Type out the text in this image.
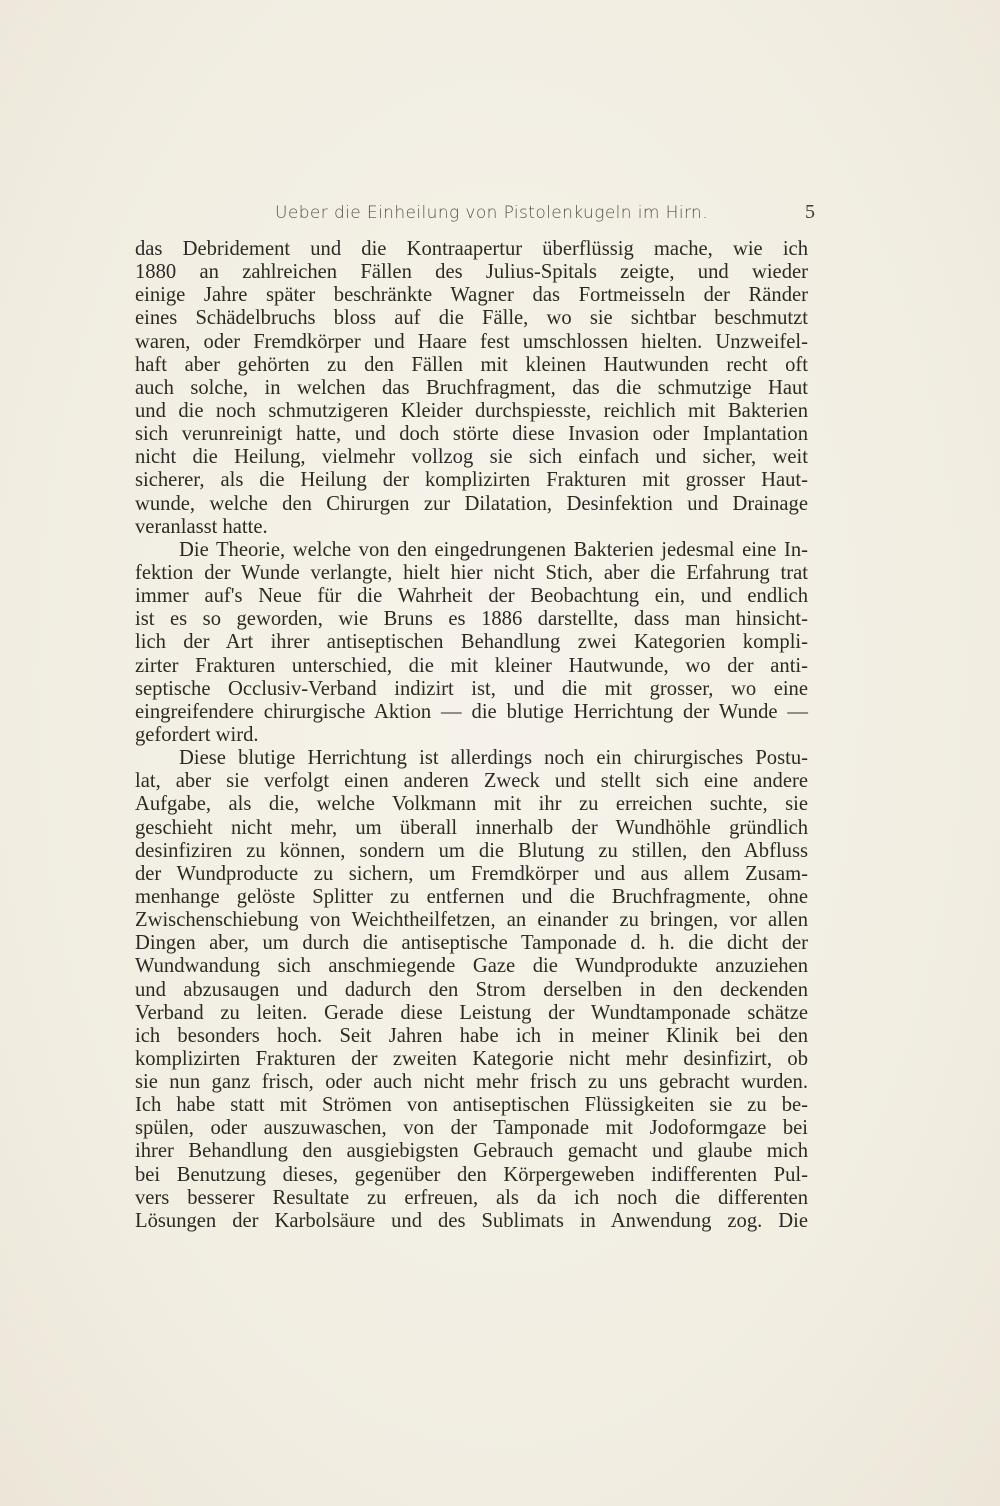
Ueber die Einheilung von Pistolenkugeln im Hirn.	5

das Debridement und die Kontraapertur überflüssig mache, wie ich
1880 an zahlreichen Fällen des Julius-Spitals zeigte, und wieder
einige Jahre später beschränkte Wagner das Fortmeisseln der Ränder
eines Schädelbruchs bloss auf die Fälle, wo sie sichtbar beschmutzt
waren, oder Fremdkörper und Haare fest umschlossen hielten. Unzweifel-
haft aber gehörten zu den Fällen mit kleinen Hautwunden recht oft
auch solche, in welchen das Bruchfragment, das die schmutzige Haut
und die noch schmutzigeren Kleider durchspiesste, reichlich mit Bakterien
sich verunreinigt hatte, und doch störte diese Invasion oder Implantation
nicht die Heilung, vielmehr vollzog sie sich einfach und sicher, weit
sicherer, als die Heilung der komplizirten Frakturen mit grosser Haut-
wunde, welche den Chirurgen zur Dilatation, Desinfektion und Drainage
veranlasst hatte.

Die Theorie, welche von den eingedrungenen Bakterien jedesmal eine In-
fektion der Wunde verlangte, hielt hier nicht Stich, aber die Erfahrung trat
immer auf's Neue für die Wahrheit der Beobachtung ein, und endlich
ist es so geworden, wie Bruns es 1886 darstellte, dass man hinsicht-
lich der Art ihrer antiseptischen Behandlung zwei Kategorien kompli-
zirter Frakturen unterschied, die mit kleiner Hautwunde, wo der anti-
septische Occlusiv-Verband indizirt ist, und die mit grosser, wo eine
eingreifendere chirurgische Aktion — die blutige Herrichtung der Wunde —
gefordert wird.

Diese blutige Herrichtung ist allerdings noch ein chirurgisches Postu-
lat, aber sie verfolgt einen anderen Zweck und stellt sich eine andere
Aufgabe, als die, welche Volkmann mit ihr zu erreichen suchte, sie
geschieht nicht mehr, um überall innerhalb der Wundhöhle gründlich
desinfiziren zu können, sondern um die Blutung zu stillen, den Abfluss
der Wundproducte zu sichern, um Fremdkörper und aus allem Zusam-
menhange gelöste Splitter zu entfernen und die Bruchfragmente, ohne
Zwischenschiebung von Weichtheilfetzen, an einander zu bringen, vor allen
Dingen aber, um durch die antiseptische Tamponade d. h. die dicht der
Wundwandung sich anschmiegende Gaze die Wundprodukte anzuziehen
und abzusaugen und dadurch den Strom derselben in den deckenden
Verband zu leiten. Gerade diese Leistung der Wundtamponade schätze
ich besonders hoch. Seit Jahren habe ich in meiner Klinik bei den
komplizirten Frakturen der zweiten Kategorie nicht mehr desinfizirt, ob
sie nun ganz frisch, oder auch nicht mehr frisch zu uns gebracht wurden.
Ich habe statt mit Strömen von antiseptischen Flüssigkeiten sie zu be-
spülen, oder auszuwaschen, von der Tamponade mit Jodoformgaze bei
ihrer Behandlung den ausgiebigsten Gebrauch gemacht und glaube mich
bei Benutzung dieses, gegenüber den Körpergeweben indifferenten Pul-
vers besserer Resultate zu erfreuen, als da ich noch die differenten
Lösungen der Karbolsäure und des Sublimats in Anwendung zog. Die
